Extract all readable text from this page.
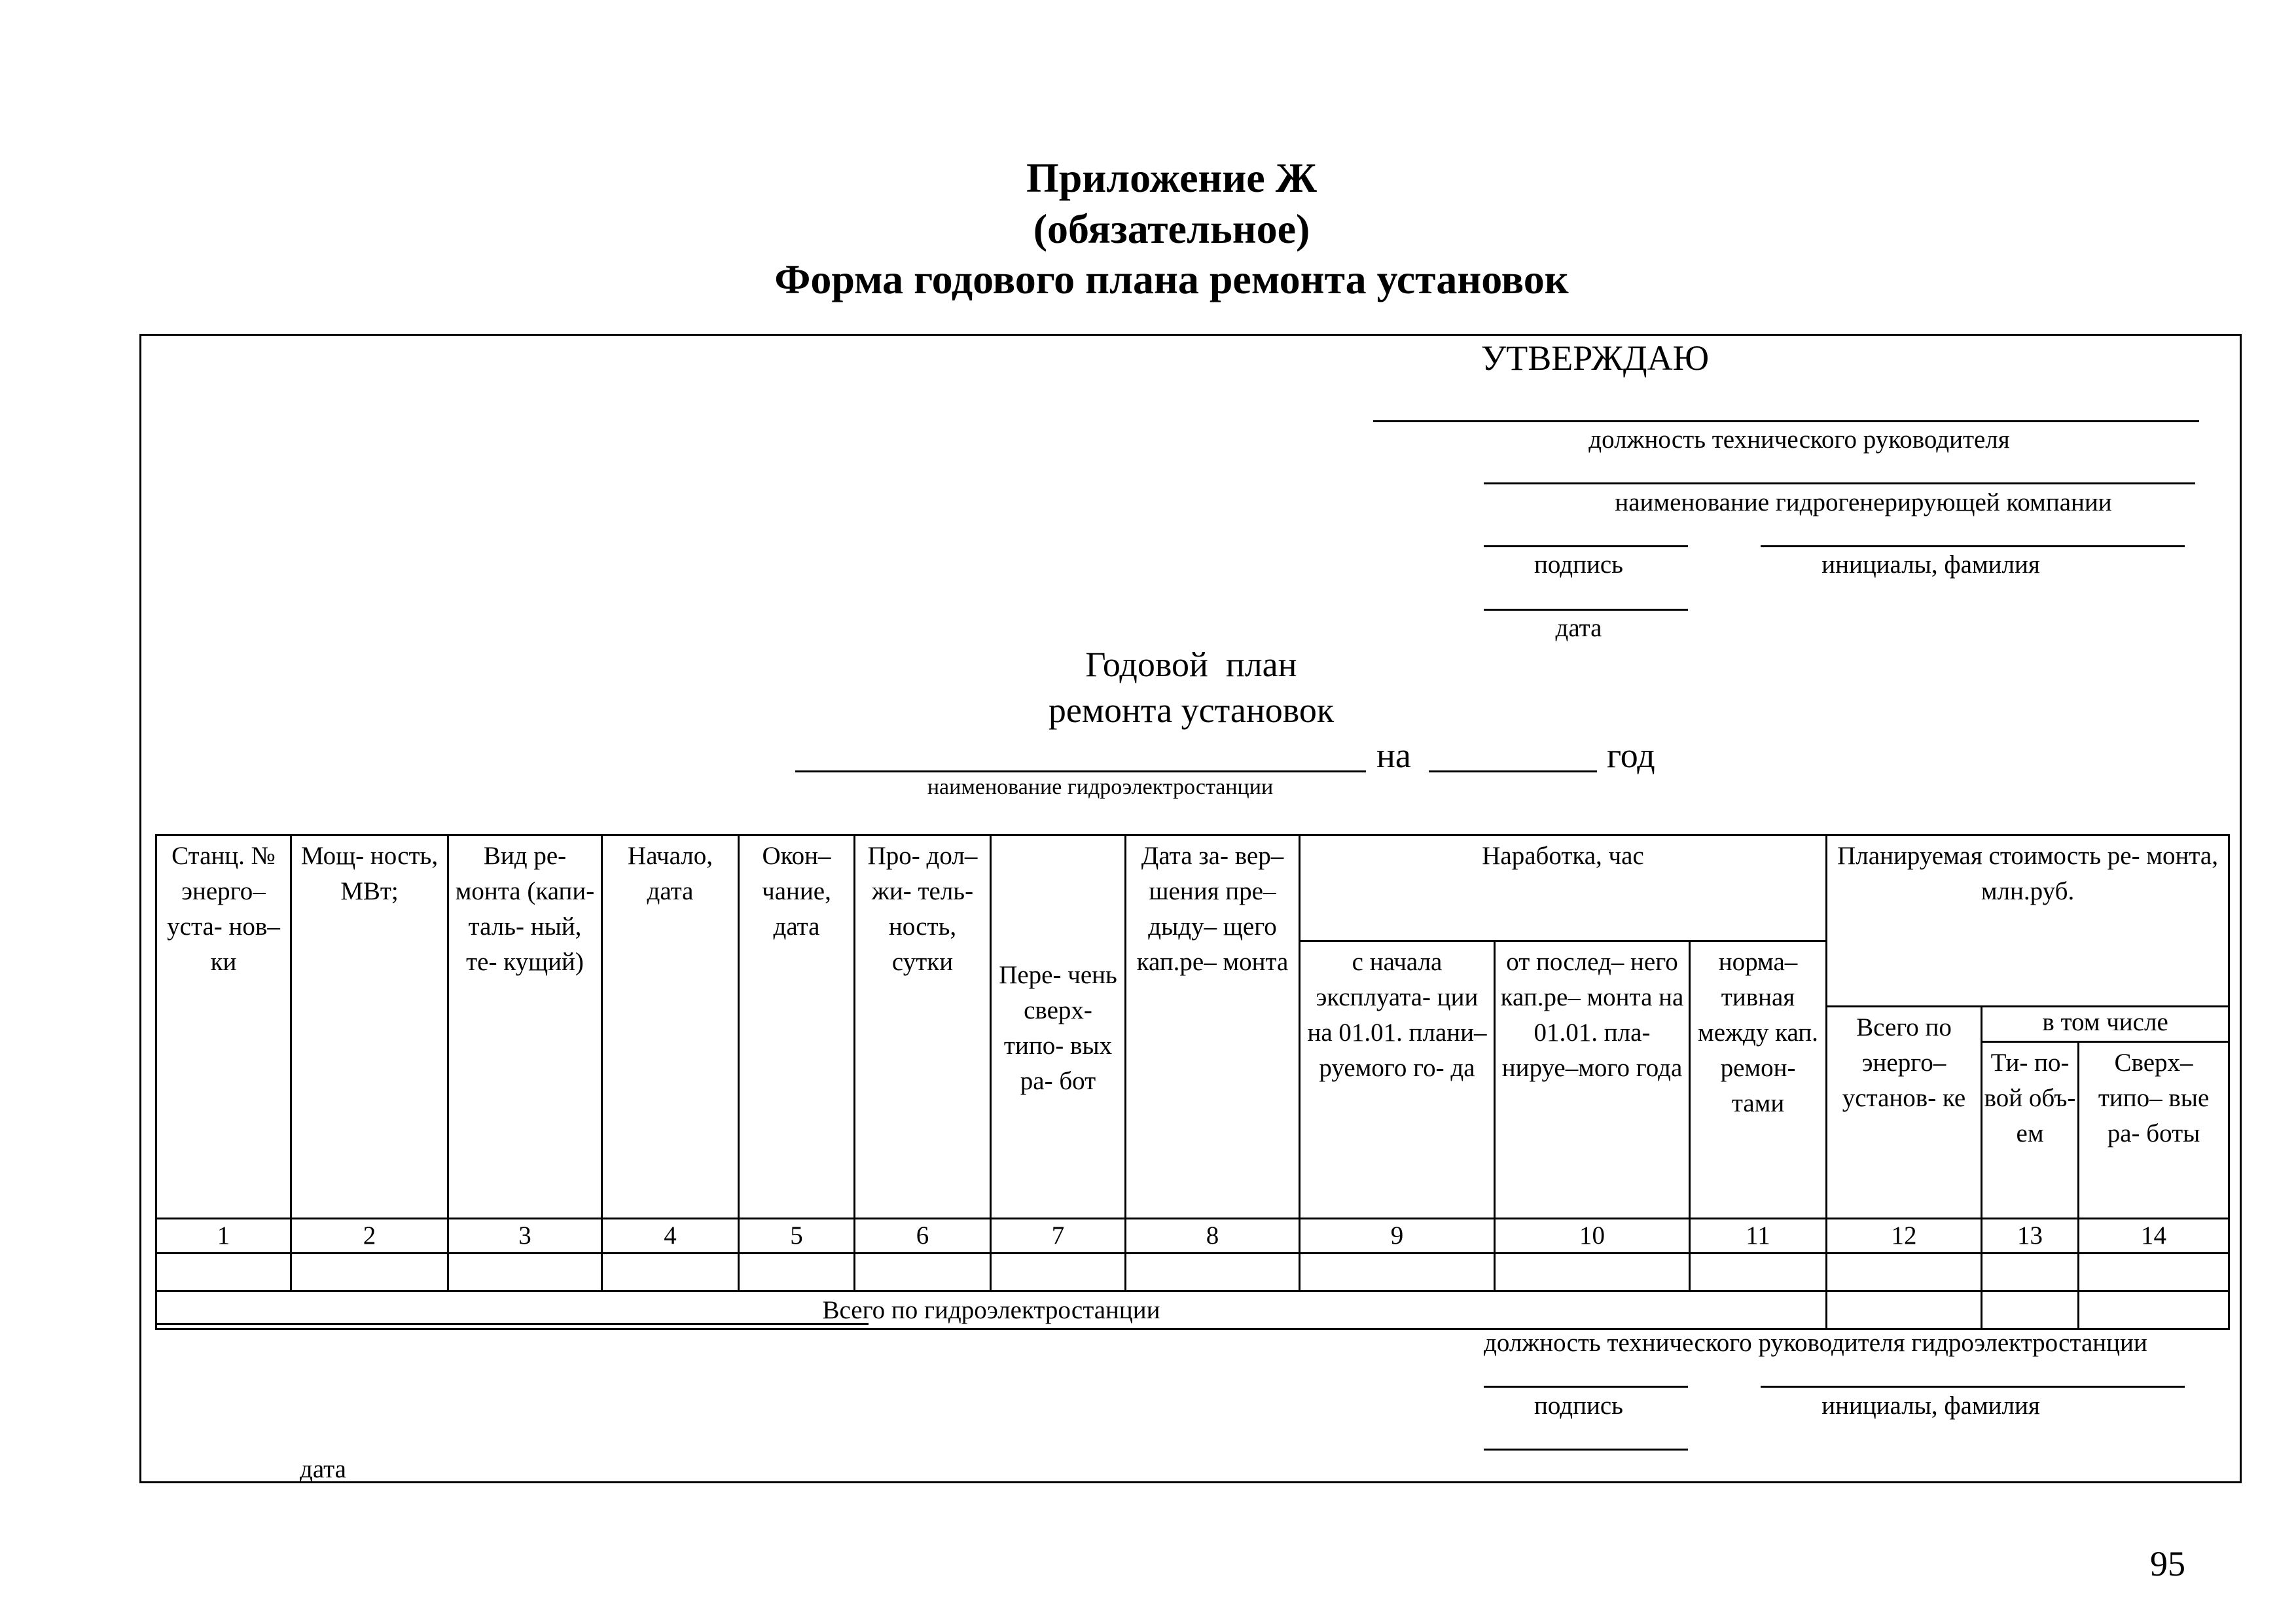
Приложение Ж
(обязательное)
Форма годового плана ремонта установок
УТВЕРЖДАЮ
должность технического руководителя
наименование гидрогенерирующей компании
подпись	инициалы, фамилия
дата
Годовой  план
ремонта установок
на	год
наименование гидроэлектростанции
Станц. № энерго– уста- нов–ки	Мощ- ность, МВт;	Вид ре- монта (капи- таль- ный, те- кущий)	Начало, дата	Окон– чание, дата	Про- дол– жи- тель- ность, сутки	Пере- чень сверх- типо- вых ра- бот	Дата за- вер–шения пре– дыду– щего кап.ре– монта	Наработка, час			Планируемая стоимость ре- монта, млн.руб.		
								с начала эксплуата- ции на 01.01. плани– руемого го- да	от послед– него кап.ре– монта на 01.01. пла- нируе–мого года	норма– тивная между кап. ремон- тами			
											Всего по энерго– установ- ке	в том числе	
												Ти- по- вой объ- ем	Сверх– типо– вые ра- боты
1	2	3	4	5	6	7	8	9	10	11	12	13	14

Всего по гидроэлектростанции													
должность технического руководителя гидроэлектростанции
подпись	инициалы, фамилия
дата
95
